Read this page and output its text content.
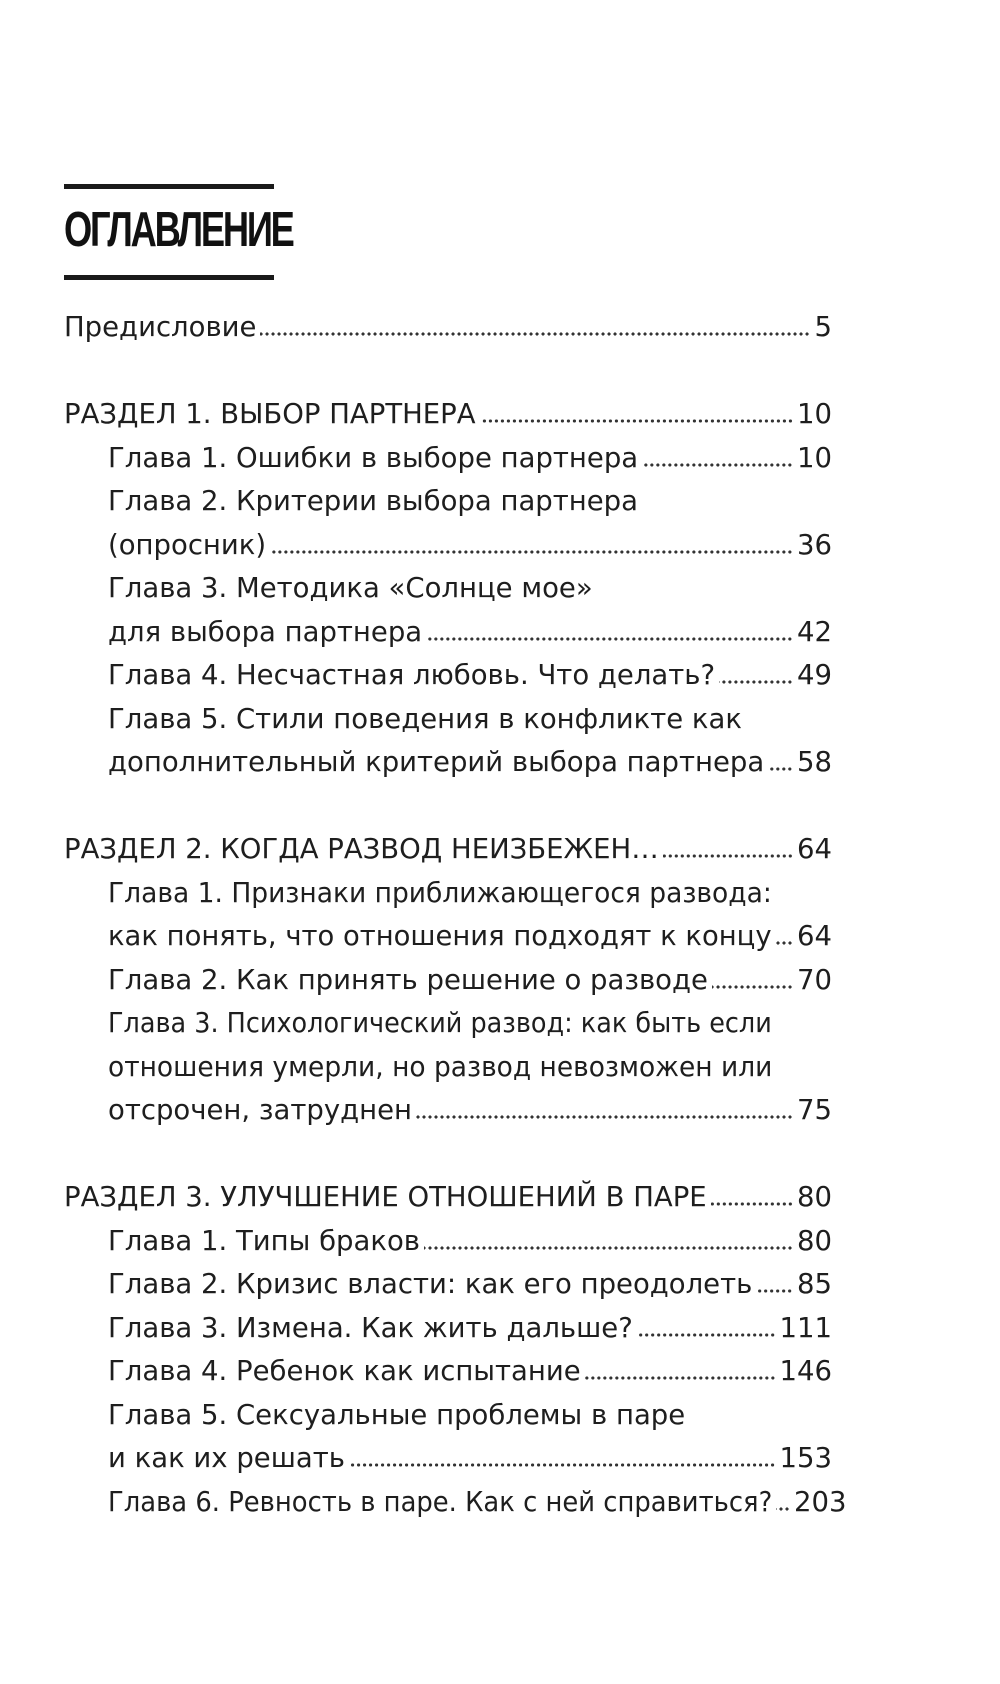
ОГЛАВЛЕНИЕ
Предисловие	5
РАЗДЕЛ 1. ВЫБОР ПАРТНЕРА	10
Глава 1. Ошибки в выборе партнера	10
Глава 2. Критерии выбора партнера
(опросник)	36
Глава 3. Методика «Солнце мое»
для выбора партнера	42
Глава 4. Несчастная любовь. Что делать?	49
Глава 5. Стили поведения в конфликте как
дополнительный критерий выбора партнера 58
РАЗДЕЛ 2. КОГДА РАЗВОД НЕИЗБЕЖЕН…	64
Глава 1. Признаки приближающегося развода:
как понять, что отношения подходят к концу 64
Глава 2. Как принять решение о разводе	70
Глава 3. Психологический развод: как быть если
отношения умерли, но развод невозможен или
отсрочен, затруднен	75
РАЗДЕЛ 3. УЛУЧШЕНИЕ ОТНОШЕНИЙ В ПАРЕ	80
Глава 1. Типы браков	80
Глава 2. Кризис власти: как его преодолеть 85
Глава 3. Измена. Как жить дальше?	111
Глава 4. Ребенок как испытание	146
Глава 5. Сексуальные проблемы в паре
и как их решать	153
Глава 6. Ревность в паре. Как с ней справиться? 203
